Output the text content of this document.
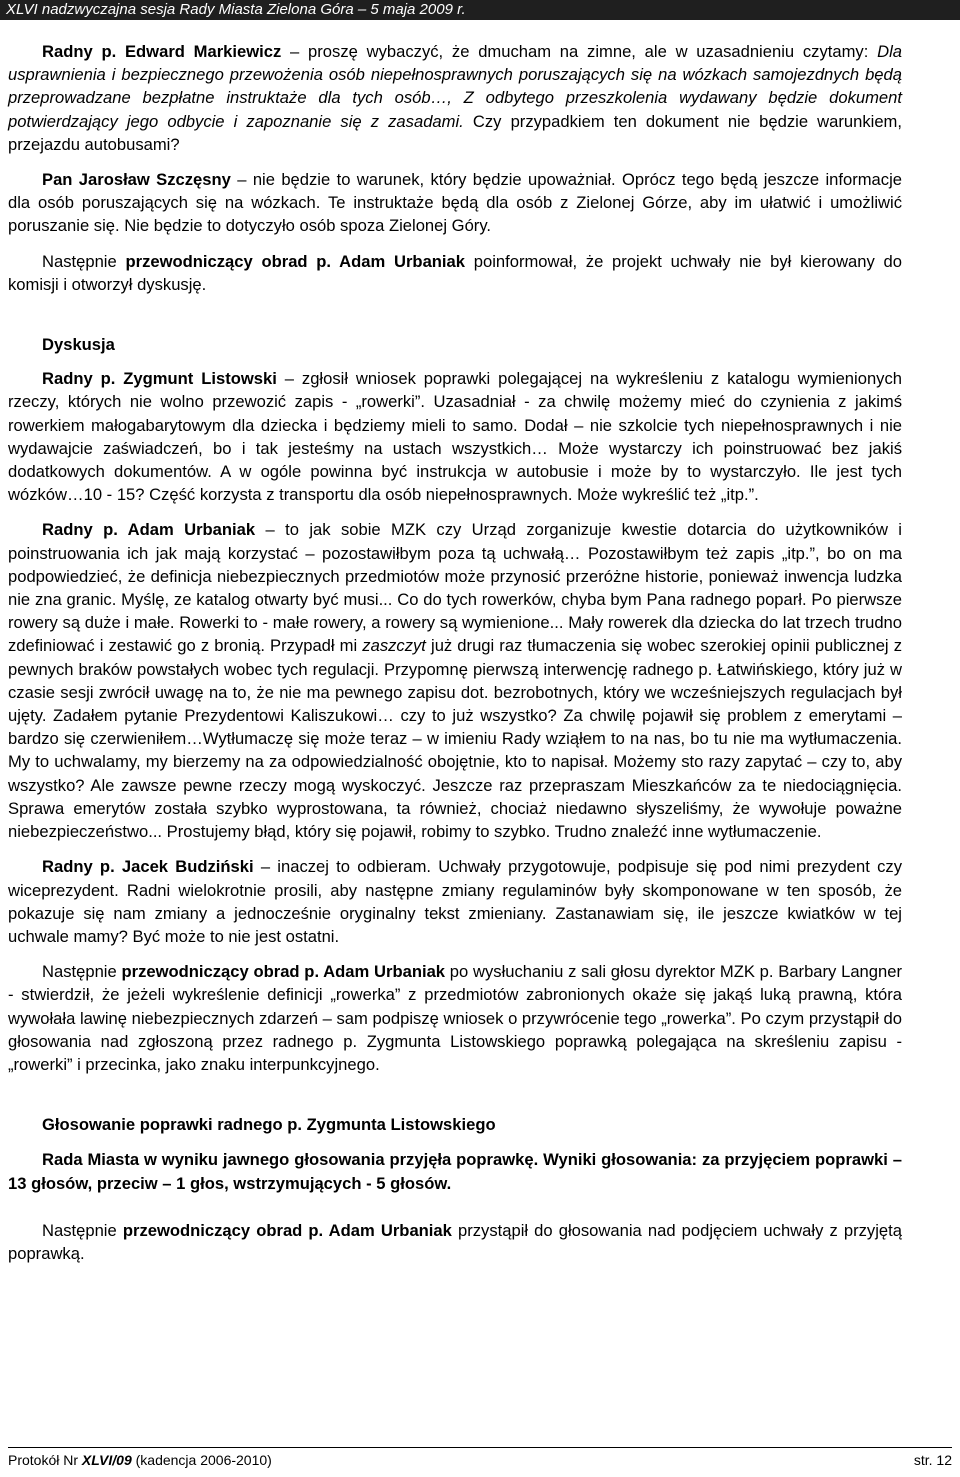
XLVI nadzwyczajna sesja Rady Miasta Zielona Góra – 5 maja 2009 r.

Radny p. Edward Markiewicz – proszę wybaczyć, że dmucham na zimne, ale w uzasadnieniu czytamy: Dla usprawnienia i bezpiecznego przewożenia osób niepełnosprawnych poruszających się na wózkach samojezdnych będą przeprowadzane bezpłatne instruktaże dla tych osób…, Z odbytego przeszkolenia wydawany będzie dokument potwierdzający jego odbycie i zapoznanie się z zasadami. Czy przypadkiem ten dokument nie będzie warunkiem, przejazdu autobusami?

Pan Jarosław Szczęsny – nie będzie to warunek, który będzie upoważniał. Oprócz tego będą jeszcze informacje dla osób poruszających się na wózkach. Te instruktaże będą dla osób z Zielonej Górze, aby im ułatwić i umożliwić poruszanie się. Nie będzie to dotyczyło osób spoza Zielonej Góry.

Następnie przewodniczący obrad p. Adam Urbaniak poinformował, że projekt uchwały nie był kierowany do komisji i otworzył dyskusję.

Dyskusja

Radny p. Zygmunt Listowski – zgłosił wniosek poprawki polegającej na wykreśleniu z katalogu wymienionych rzeczy, których nie wolno przewozić zapis - „rowerki”. Uzasadniał - za chwilę możemy mieć do czynienia z jakimś rowerkiem małogabarytowym dla dziecka i będziemy mieli to samo. Dodał – nie szkolcie tych niepełnosprawnych i nie wydawajcie zaświadczeń, bo i tak jesteśmy na ustach wszystkich… Może wystarczy ich poinstruować bez jakiś dodatkowych dokumentów. A w ogóle powinna być instrukcja w autobusie i może by to wystarczyło. Ile jest tych wózków…10 - 15? Część korzysta z transportu dla osób niepełnosprawnych. Może wykreślić też „itp.”.

Radny p. Adam Urbaniak – to jak sobie MZK czy Urząd zorganizuje kwestie dotarcia do użytkowników i poinstruowania ich jak mają korzystać – pozostawiłbym poza tą uchwałą… Pozostawiłbym też zapis „itp.”, bo on ma podpowiedzieć, że definicja niebezpiecznych przedmiotów może przynosić przeróżne historie, ponieważ inwencja ludzka nie zna granic. Myślę, ze katalog otwarty być musi... Co do tych rowerków, chyba bym Pana radnego poparł. Po pierwsze rowery są duże i małe. Rowerki to - małe rowery, a rowery są wymienione... Mały rowerek dla dziecka do lat trzech trudno zdefiniować i zestawić go z bronią. Przypadł mi zaszczyt już drugi raz tłumaczenia się wobec szerokiej opinii publicznej z pewnych braków powstałych wobec tych regulacji. Przypomnę pierwszą interwencję radnego p. Łatwińskiego, który już w czasie sesji zwrócił uwagę na to, że nie ma pewnego zapisu dot. bezrobotnych, który we wcześniejszych regulacjach był ujęty. Zadałem pytanie Prezydentowi Kaliszukowi… czy to już wszystko? Za chwilę pojawił się problem z emerytami – bardzo się czerwieniłem…Wytłumaczę się może teraz – w imieniu Rady wziąłem to na nas, bo tu nie ma wytłumaczenia. My to uchwalamy, my bierzemy na za odpowiedzialność obojętnie, kto to napisał. Możemy sto razy zapytać – czy to, aby wszystko? Ale zawsze pewne rzeczy mogą wyskoczyć. Jeszcze raz przepraszam Mieszkańców za te niedociągnięcia. Sprawa emerytów została szybko wyprostowana, ta również, chociaż niedawno słyszeliśmy, że wywołuje poważne niebezpieczeństwo... Prostujemy błąd, który się pojawił, robimy to szybko. Trudno znaleźć inne wytłumaczenie.

Radny p. Jacek Budziński – inaczej to odbieram. Uchwały przygotowuje, podpisuje się pod nimi prezydent czy wiceprezydent. Radni wielokrotnie prosili, aby następne zmiany regulaminów były skomponowane w ten sposób, że pokazuje się nam zmiany a jednocześnie oryginalny tekst zmieniany. Zastanawiam się, ile jeszcze kwiatków w tej uchwale mamy? Być może to nie jest ostatni.

Następnie przewodniczący obrad p. Adam Urbaniak po wysłuchaniu z sali głosu dyrektor MZK p. Barbary Langner - stwierdził, że jeżeli wykreślenie definicji „rowerka” z przedmiotów zabronionych okaże się jakąś luką prawną, która wywołała lawinę niebezpiecznych zdarzeń – sam podpiszę wniosek o przywrócenie tego „rowerka”. Po czym przystąpił do głosowania nad zgłoszoną przez radnego p. Zygmunta Listowskiego poprawką polegająca na skreśleniu zapisu - „rowerki” i przecinka, jako znaku interpunkcyjnego.

Głosowanie poprawki radnego p. Zygmunta Listowskiego

Rada Miasta w wyniku jawnego głosowania przyjęła poprawkę. Wyniki głosowania: za przyjęciem poprawki – 13 głosów, przeciw – 1 głos, wstrzymujących - 5 głosów.

Następnie przewodniczący obrad p. Adam Urbaniak przystąpił do głosowania nad podjęciem uchwały z przyjętą poprawką.

Protokół Nr XLVI/09 (kadencja 2006-2010)	str. 12
